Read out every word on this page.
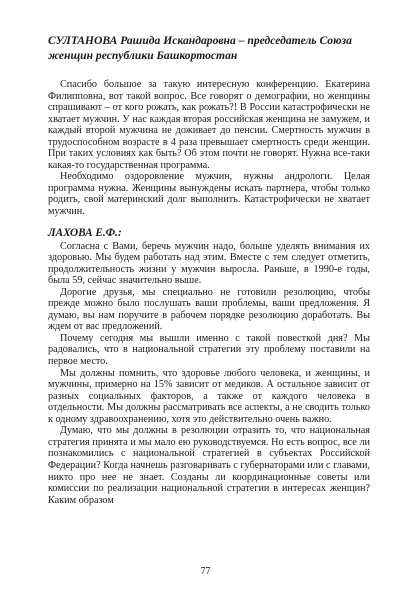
СУЛТАНОВА Рашида Искандаровна – председатель Союза женщин республики Башкортостан

Спасибо большое за такую интересную конференцию. Екатерина Филипповна, вот такой вопрос. Все говорят о демографии, но женщины спрашивают – от кого рожать, как рожать?! В России катастрофически не хватает мужчин. У нас каждая вторая российская женщина не замужем, и каждый второй мужчина не доживает до пенсии. Смертность мужчин в трудоспособном возрасте в 4 раза превышает смертность среди женщин. При таких условиях как быть? Об этом почти не говорят. Нужна все-таки какая-то государственная программа.

Необходимо оздоровление мужчин, нужны андрологи. Целая программа нужна. Женщины вынуждены искать партнера, чтобы только родить, свой материнский долг выполнить. Катастрофически не хватает мужчин.

ЛАХОВА Е.Ф.:

Согласна с Вами, беречь мужчин надо, больше уделять внимания их здоровью. Мы будем работать над этим. Вместе с тем следует отметить, продолжительность жизни у мужчин выросла. Раньше, в 1990-е годы, была 59, сейчас значительно выше.

Дорогие друзья, мы специально не готовили резолюцию, чтобы прежде можно было послушать ваши проблемы, ваши предложения. Я думаю, вы нам поручите в рабочем порядке резолюцию доработать. Вы ждем от вас предложений.

Почему сегодня мы вышли именно с такой повесткой дня? Мы радовались, что в национальной стратегии эту проблему поставили на первое место.

Мы должны помнить, что здоровье любого человека, и женщины, и мужчины, примерно на 15% зависит от медиков. А остальное зависит от разных социальных факторов, а также от каждого человека в отдельности. Мы должны рассматривать все аспекты, а не сводить только к одному здравоохранению, хотя это действительно очень важно.

Думаю, что мы должны в резолюции отразить то, что национальная стратегия принята и мы мало ею руководствуемся. Но есть вопрос, все ли познакомились с национальной стратегией в субъектах Российской Федерации? Когда начнешь разговаривать с губернаторами или с главами, никто про нее не знает. Созданы ли координационные советы или комиссии по реализации национальной стратегии в интересах женщин? Каким образом

77
